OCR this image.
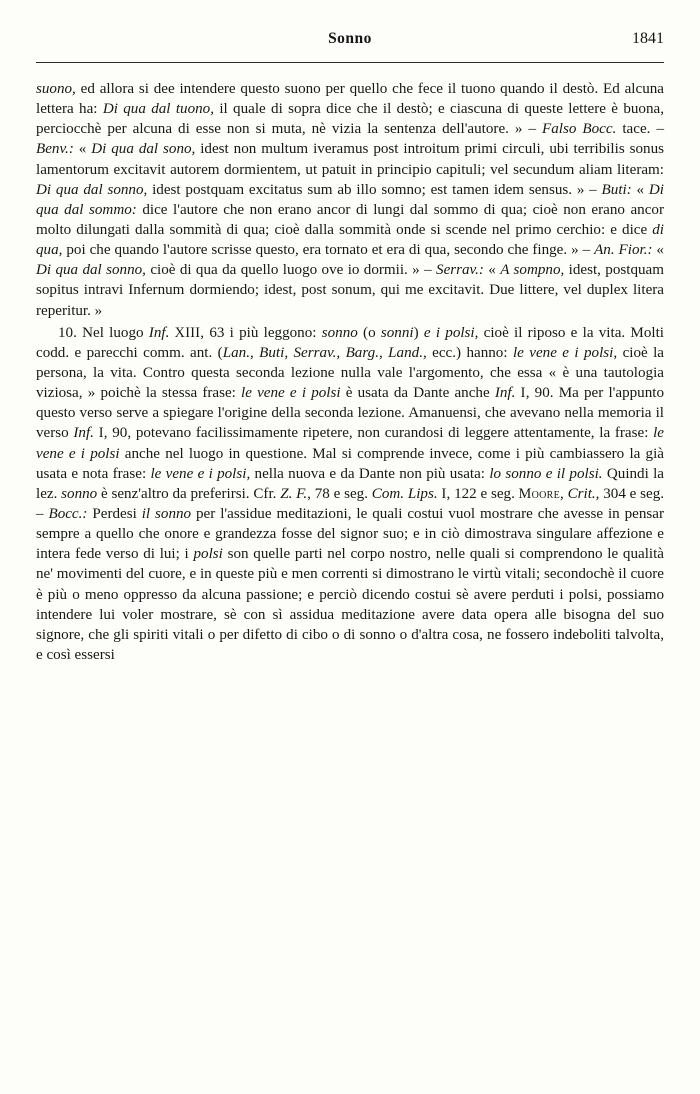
Sonno	1841

suono, ed allora si dee intendere questo suono per quello che fece il tuono quando il destò. Ed alcuna lettera ha: Di qua dal tuono, il quale di sopra dice che il destò; e ciascuna di queste lettere è buona, perciocchè per alcuna di esse non si muta, nè vizia la sentenza dell'autore. » – Falso Bocc. tace. – Benv.: « Di qua dal sono, idest non multum iveramus post introitum primi circuli, ubi terribilis sonus lamentorum excitavit autorem dormientem, ut patuit in principio capituli; vel secundum aliam literam: Di qua dal sonno, idest postquam excitatus sum ab illo somno; est tamen idem sensus. » – Buti: « Di qua dal sommo: dice l'autore che non erano ancor di lungi dal sommo di qua; cioè non erano ancor molto dilungati dalla sommità di qua; cioè dalla sommità onde si scende nel primo cerchio: e dice di qua, poi che quando l'autore scrisse questo, era tornato et era di qua, secondo che finge. » – An. Fior.: « Di qua dal sonno, cioè di qua da quello luogo ove io dormii. » – Serrav.: « A sompno, idest, postquam sopitus intravi Infernum dormiendo; idest, post sonum, qui me excitavit. Due littere, vel duplex litera reperitur. »

10. Nel luogo Inf. XIII, 63 i più leggono: sonno (o sonni) e i polsi, cioè il riposo e la vita. Molti codd. e parecchi comm. ant. (Lan., Buti, Serrav., Barg., Land., ecc.) hanno: le vene e i polsi, cioè la persona, la vita. Contro questa seconda lezione nulla vale l'argomento, che essa « è una tautologia viziosa, » poichè la stessa frase: le vene e i polsi è usata da Dante anche Inf. I, 90. Ma per l'appunto questo verso serve a spiegare l'origine della seconda lezione. Amanuensi, che avevano nella memoria il verso Inf. I, 90, potevano facilissimamente ripetere, non curandosi di leggere attentamente, la frase: le vene e i polsi anche nel luogo in questione. Mal si comprende invece, come i più cambiassero la già usata e nota frase: le vene e i polsi, nella nuova e da Dante non più usata: lo sonno e il polsi. Quindi la lez. sonno è senz'altro da preferirsi. Cfr. Z. F., 78 e seg. Com. Lips. I, 122 e seg. Moore, Crit., 304 e seg. – Bocc.: Perdesi il sonno per l'assidue meditazioni, le quali costui vuol mostrare che avesse in pensar sempre a quello che onore e grandezza fosse del signor suo; e in ciò dimostrava singulare affezione e intera fede verso di lui; i polsi son quelle parti nel corpo nostro, nelle quali si comprendono le qualità ne' movimenti del cuore, e in queste più e men correnti si dimostrano le virtù vitali; secondochè il cuore è più o meno oppresso da alcuna passione; e perciò dicendo costui sè avere perduti i polsi, possiamo intendere lui voler mostrare, sè con sì assidua meditazione avere data opera alle bisogna del suo signore, che gli spiriti vitali o per difetto di cibo o di sonno o d'altra cosa, ne fossero indeboliti talvolta, e così essersi
